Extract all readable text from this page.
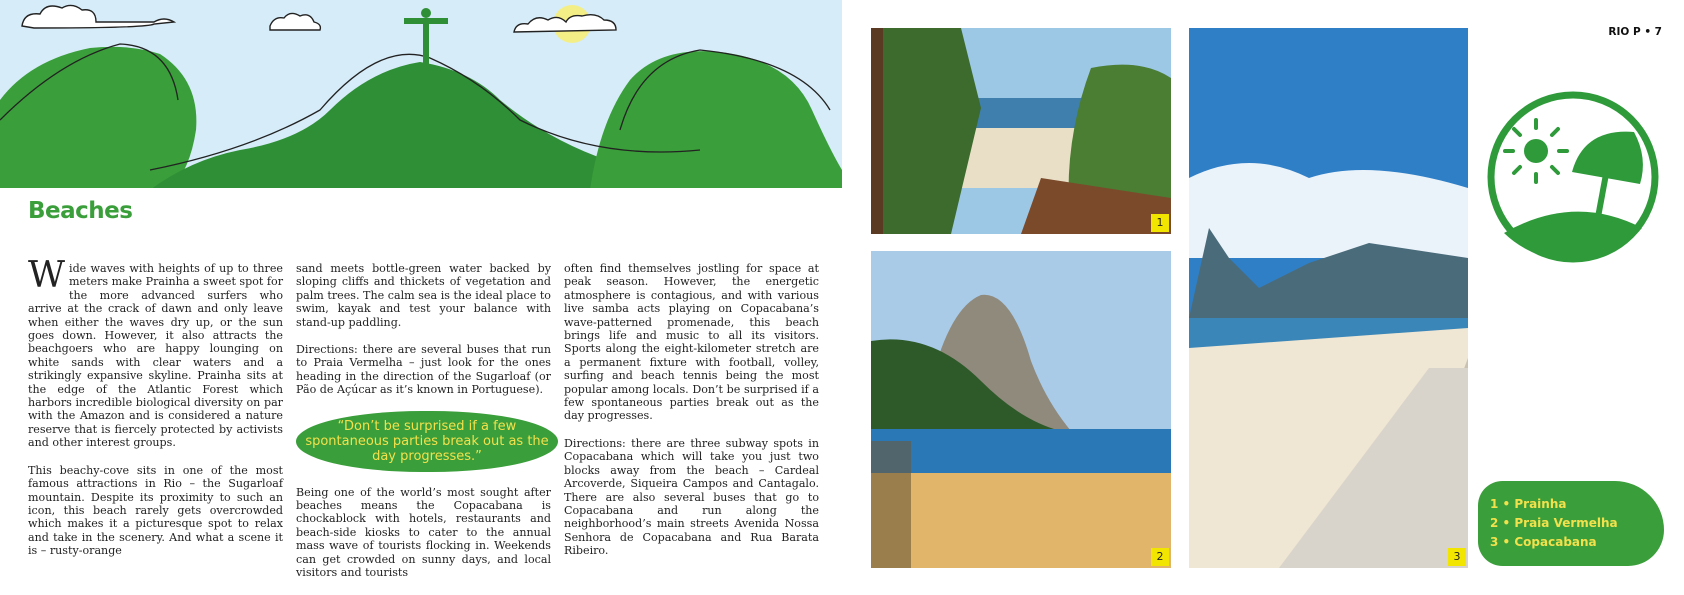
Beaches

Wide waves with heights of up to three meters make Prainha a sweet spot for the more advanced surfers who arrive at the crack of dawn and only leave when either the waves dry up, or the sun goes down. However, it also attracts the beachgoers who are happy lounging on white sands with clear waters and a strikingly expansive skyline. Prainha sits at the edge of the Atlantic Forest which harbors incredible biological diversity on par with the Amazon and is considered a nature reserve that is fiercely protected by activists and other interest groups.

This beachy-cove sits in one of the most famous attractions in Rio – the Sugarloaf mountain. Despite its proximity to such an icon, this beach rarely gets overcrowded which makes it a picturesque spot to relax and take in the scenery. And what a scene it is – rusty-orange

sand meets bottle-green water backed by sloping cliffs and thickets of vegetation and palm trees. The calm sea is the ideal place to swim, kayak and test your balance with stand-up paddling.

Directions: there are several buses that run to Praia Vermelha – just look for the ones heading in the direction of the Sugarloaf (or Pão de Açúcar as it’s known in Portuguese).

“Don’t be surprised if a few spontaneous parties break out as the day progresses.”

Being one of the world’s most sought after beaches means the Copacabana is chockablock with hotels, restaurants and beach-side kiosks to cater to the annual mass wave of tourists flocking in. Weekends can get crowded on sunny days, and local visitors and tourists

often find themselves jostling for space at peak season. However, the energetic atmosphere is contagious, and with various live samba acts playing on Copacabana’s wave-patterned promenade, this beach brings life and music to all its visitors. Sports along the eight-kilometer stretch are a permanent fixture with football, volley, surfing and beach tennis being the most popular among locals. Don’t be surprised if a few spontaneous parties break out as the day progresses.

Directions: there are three subway spots in Copacabana which will take you just two blocks away from the beach – Cardeal Arcoverde, Siqueira Campos and Cantagalo. There are also several buses that go to Copacabana and run along the neighborhood’s main streets Avenida Nossa Senhora de Copacabana and Rua Barata Ribeiro.

1
2	3
RIO P • 7
1 • Prainha
2 • Praia Vermelha
3 • Copacabana
